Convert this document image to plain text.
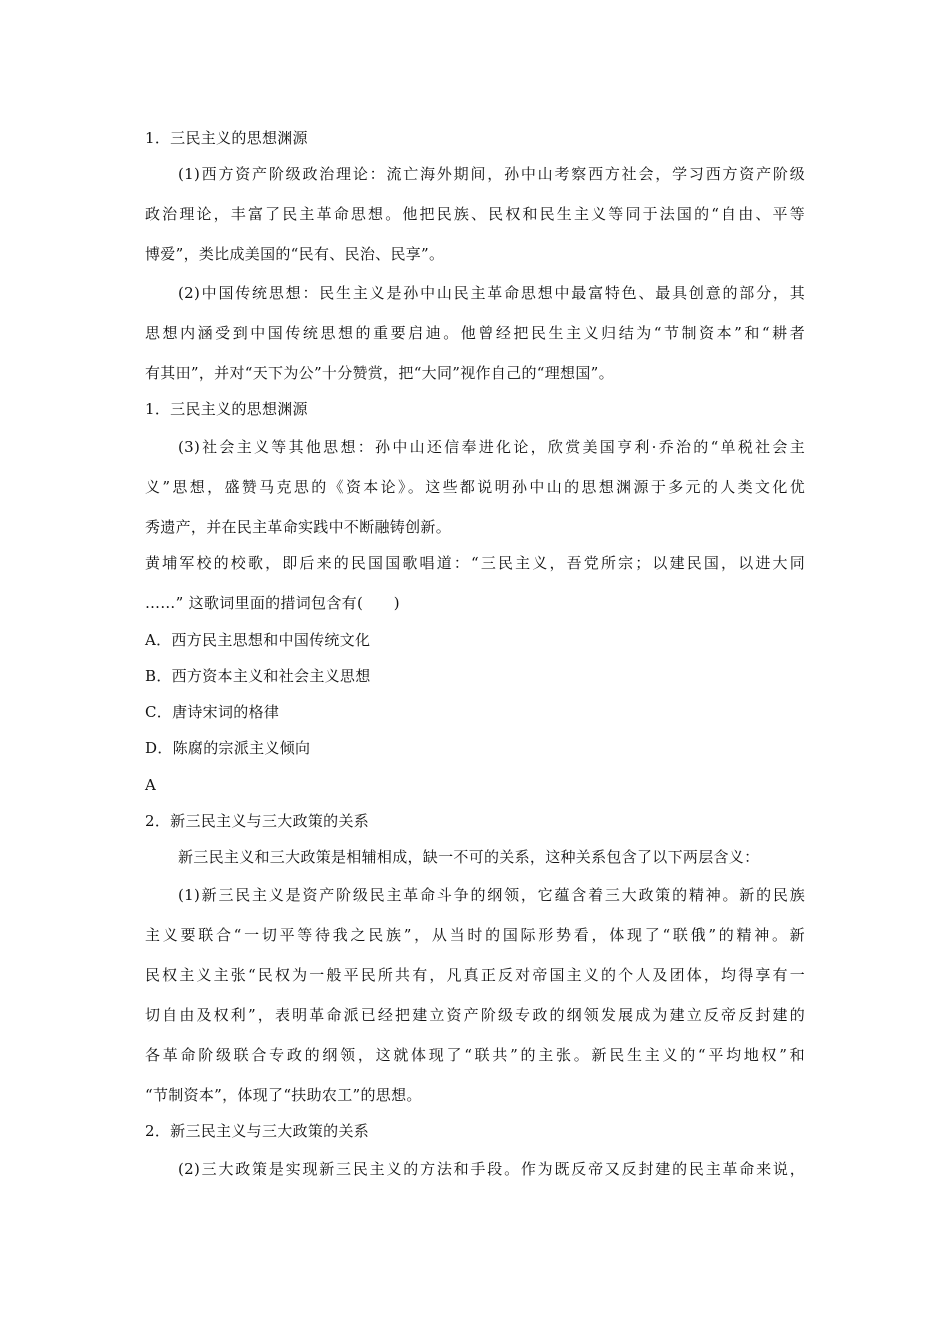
1．三民主义的思想渊源
(1)西方资产阶级政治理论：流亡海外期间，孙中山考察西方社会，学习西方资产阶级
政治理论，丰富了民主革命思想。他把民族、民权和民生主义等同于法国的“自由、平等
博爱”，类比成美国的“民有、民治、民享”。
(2)中国传统思想：民生主义是孙中山民主革命思想中最富特色、最具创意的部分，其
思想内涵受到中国传统思想的重要启迪。他曾经把民生主义归结为“节制资本”和“耕者
有其田”，并对“天下为公”十分赞赏，把“大同”视作自己的“理想国”。
1．三民主义的思想渊源
(3)社会主义等其他思想：孙中山还信奉进化论，欣赏美国亨利·乔治的“单税社会主
义”思想，盛赞马克思的《资本论》。这些都说明孙中山的思想渊源于多元的人类文化优
秀遗产，并在民主革命实践中不断融铸创新。
黄埔军校的校歌，即后来的民国国歌唱道：“三民主义，吾党所宗；以建民国，以进大同
……” 这歌词里面的措词包含有(　　)
A．西方民主思想和中国传统文化
B．西方资本主义和社会主义思想
C．唐诗宋词的格律
D．陈腐的宗派主义倾向
A
2．新三民主义与三大政策的关系
新三民主义和三大政策是相辅相成，缺一不可的关系，这种关系包含了以下两层含义：
(1)新三民主义是资产阶级民主革命斗争的纲领，它蕴含着三大政策的精神。新的民族
主义要联合“一切平等待我之民族”，从当时的国际形势看，体现了“联俄”的精神。新
民权主义主张“民权为一般平民所共有，凡真正反对帝国主义的个人及团体，均得享有一
切自由及权利”，表明革命派已经把建立资产阶级专政的纲领发展成为建立反帝反封建的
各革命阶级联合专政的纲领，这就体现了“联共”的主张。新民生主义的“平均地权”和
“节制资本”，体现了“扶助农工”的思想。
2．新三民主义与三大政策的关系
(2)三大政策是实现新三民主义的方法和手段。作为既反帝又反封建的民主革命来说，
